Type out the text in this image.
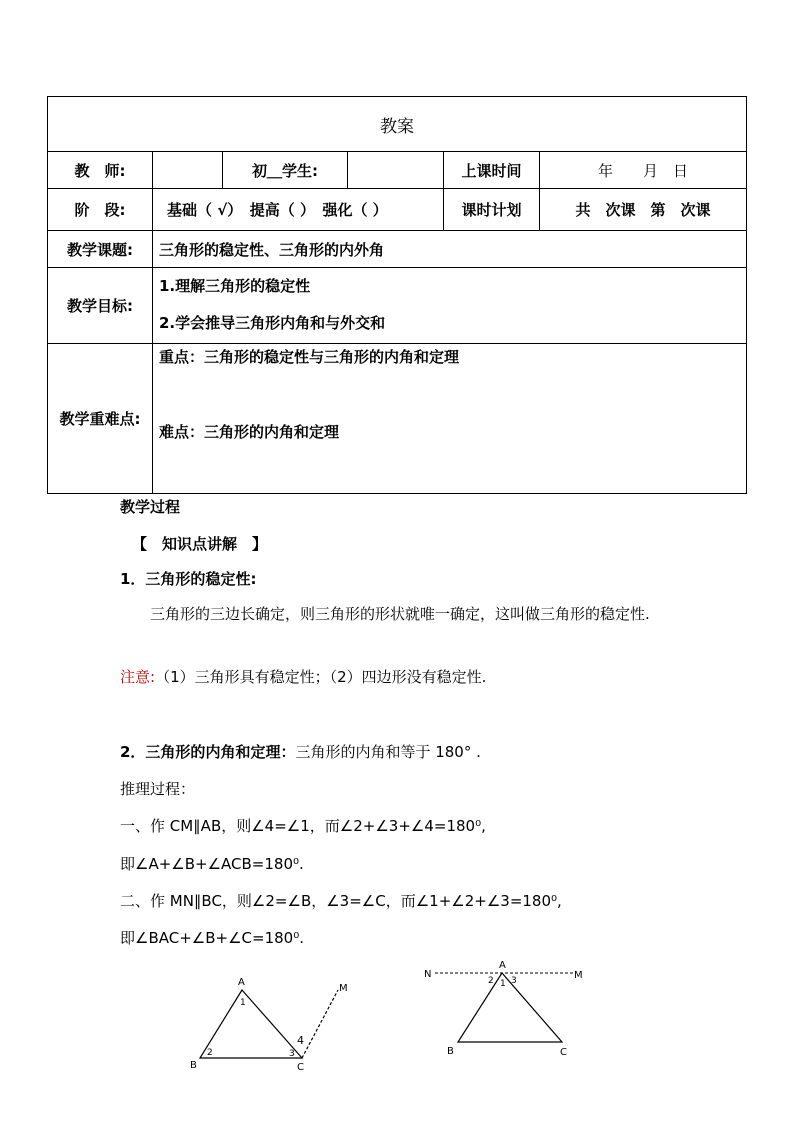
教案					
教　师:		初＿学生:		上课时间	年　　月　日
阶　段:	基础（ √）　提高（ ）　强化（ ）			课时计划	共　次课　第　次课
教学课题:	三角形的稳定性、三角形的内外角				
教学目标:	1.理解三角形的稳定性
2.学会推导三角形内角和与外交和				

教学重难点:	重点：三角形的稳定性与三角形的内角和定理
难点：三角形的内角和定理				
教学过程
【　知识点讲解　】
1．三角形的稳定性:
三角形的三边长确定，则三角形的形状就唯一确定，这叫做三角形的稳定性.
注意:（1）三角形具有稳定性；（2）四边形没有稳定性.
2．三角形的内角和定理：三角形的内角和等于 180° .
推理过程：
一、作 CM∥AB，则∠4=∠1，而∠2+∠3+∠4=180⁰,
即∠A+∠B+∠ACB=180⁰.
二、作 MN∥BC，则∠2=∠B，∠3=∠C，而∠1+∠2+∠3=180⁰,
即∠BAC+∠B+∠C=180⁰.
A
B	C
M
1
2	3
4
N	M
A
B	C
1
2 3
